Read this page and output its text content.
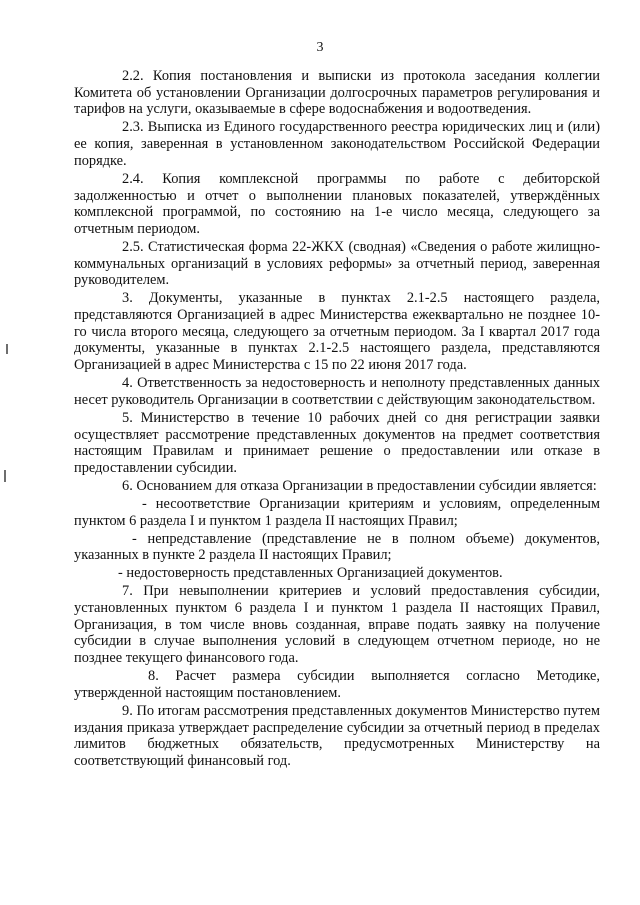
3

2.2. Копия постановления и выписки из протокола заседания коллегии Комитета об установлении Организации долгосрочных параметров регулирования и тарифов на услуги, оказываемые в сфере водоснабжения и водоотведения.

2.3. Выписка из Единого государственного реестра юридических лиц и (или) ее копия, заверенная в установленном законодательством Российской Федерации порядке.

2.4. Копия комплексной программы по работе с дебиторской задолженностью и отчет о выполнении плановых показателей, утверждённых комплексной программой, по состоянию на 1-е число месяца, следующего за отчетным периодом.

2.5. Статистическая форма 22-ЖКХ (сводная) «Сведения о работе жилищно-коммунальных организаций в условиях реформы» за отчетный период, заверенная руководителем.

3. Документы, указанные в пунктах 2.1-2.5 настоящего раздела, представляются Организацией в адрес Министерства ежеквартально не позднее 10-го числа второго месяца, следующего за отчетным периодом. За I квартал 2017 года документы, указанные в пунктах 2.1-2.5 настоящего раздела, представляются Организацией в адрес Министерства с 15 по 22 июня 2017 года.

4. Ответственность за недостоверность и неполноту представленных данных несет руководитель Организации в соответствии с действующим законодательством.

5. Министерство в течение 10 рабочих дней со дня регистрации заявки осуществляет рассмотрение представленных документов на предмет соответствия настоящим Правилам и принимает решение о предоставлении или отказе в предоставлении субсидии.

6. Основанием для отказа Организации в предоставлении субсидии является:

- несоответствие Организации критериям и условиям, определенным пунктом 6 раздела I и пунктом 1 раздела II настоящих Правил;

- непредставление (представление не в полном объеме) документов, указанных в пункте 2 раздела II настоящих Правил;

- недостоверность представленных Организацией документов.

7. При невыполнении критериев и условий предоставления субсидии, установленных пунктом 6 раздела I и пунктом 1 раздела II настоящих Правил, Организация, в том числе вновь созданная, вправе подать заявку на получение субсидии в случае выполнения условий в следующем отчетном периоде, но не позднее текущего финансового года.

8. Расчет размера субсидии выполняется согласно Методике, утвержденной настоящим постановлением.

9. По итогам рассмотрения представленных документов Министерство путем издания приказа утверждает распределение субсидии за отчетный период в пределах лимитов бюджетных обязательств, предусмотренных Министерству на соответствующий финансовый год.
